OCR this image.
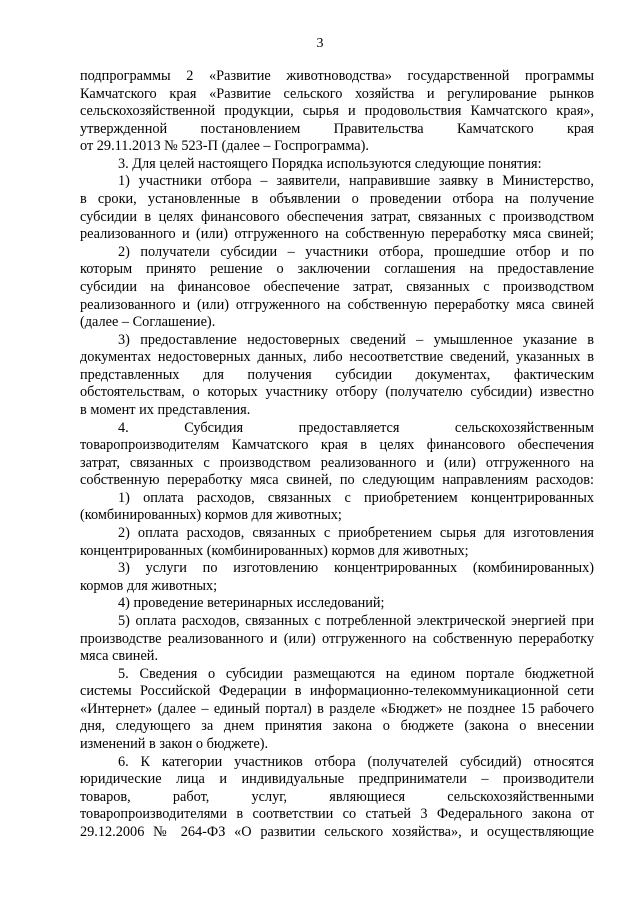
3
подпрограммы 2 «Развитие животноводства» государственной программы
Камчатского края «Развитие сельского хозяйства и регулирование рынков
сельскохозяйственной продукции, сырья и продовольствия Камчатского края»,
утвержденной постановлением Правительства Камчатского края
от 29.11.2013 № 523-П (далее – Госпрограмма).
3. Для целей настоящего Порядка используются следующие понятия:
1) участники отбора – заявители, направившие заявку в Министерство,
в сроки, установленные в объявлении о проведении отбора на получение
субсидии в целях финансового обеспечения затрат, связанных с производством
реализованного и (или) отгруженного на собственную переработку мяса свиней;
2) получатели субсидии – участники отбора, прошедшие отбор и по
которым принято решение о заключении соглашения на предоставление
субсидии на финансовое обеспечение затрат, связанных с производством
реализованного и (или) отгруженного на собственную переработку мяса свиней
(далее – Соглашение).
3) предоставление недостоверных сведений – умышленное указание в
документах недостоверных данных, либо несоответствие сведений, указанных в
представленных для получения субсидии документах, фактическим
обстоятельствам, о которых участнику отбору (получателю субсидии) известно
в момент их представления.
4. Субсидия предоставляется сельскохозяйственным
товаропроизводителям Камчатского края в целях финансового обеспечения
затрат, связанных с производством реализованного и (или) отгруженного на
собственную переработку мяса свиней, по следующим направлениям расходов:
1) оплата расходов, связанных с приобретением концентрированных
(комбинированных) кормов для животных;
2) оплата расходов, связанных с приобретением сырья для изготовления
концентрированных (комбинированных) кормов для животных;
3) услуги по изготовлению концентрированных (комбинированных)
кормов для животных;
4) проведение ветеринарных исследований;
5) оплата расходов, связанных с потребленной электрической энергией при
производстве реализованного и (или) отгруженного на собственную переработку
мяса свиней.
5. Сведения о субсидии размещаются на едином портале бюджетной
системы Российской Федерации в информационно-телекоммуникационной сети
«Интернет» (далее – единый портал) в разделе «Бюджет» не позднее 15 рабочего
дня, следующего за днем принятия закона о бюджете (закона о внесении
изменений в закон о бюджете).
6. К категории участников отбора (получателей субсидий) относятся
юридические лица и индивидуальные предприниматели – производители
товаров, работ, услуг, являющиеся сельскохозяйственными
товаропроизводителями в соответствии со статьей 3 Федерального закона от
29.12.2006 № 264-ФЗ «О развитии сельского хозяйства», и осуществляющие
